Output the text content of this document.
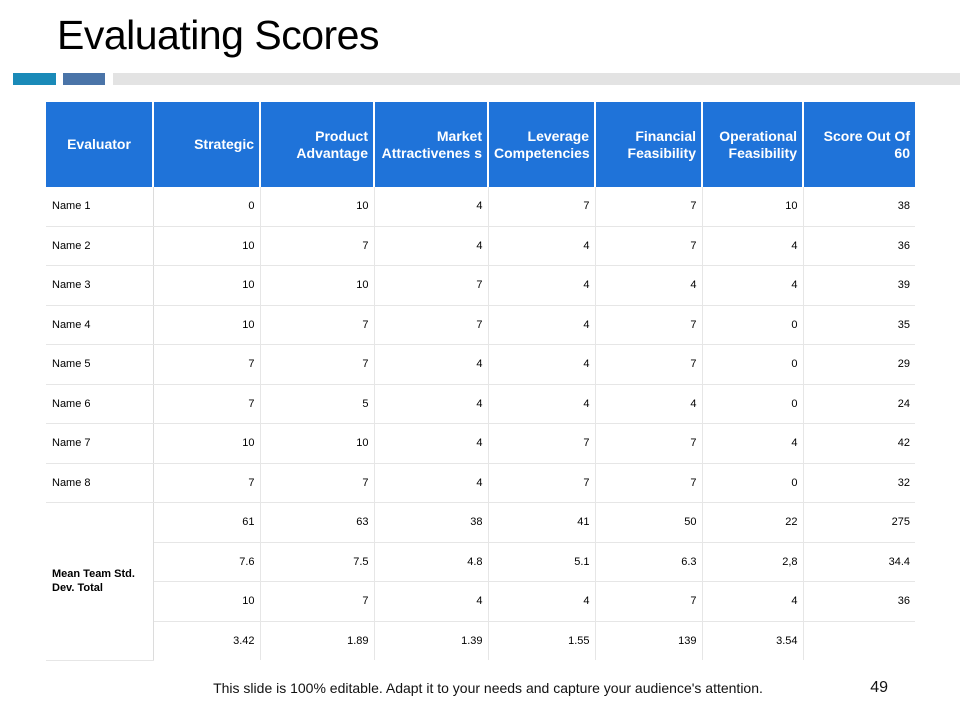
Evaluating Scores
Evaluator	Strategic	Product Advantage	Market Attractivenes s	Leverage Competencies	Financial Feasibility	Operational Feasibility	Score Out Of 60
Name 1	0	10	4	7	7	10	38
Name 2	10	7	4	4	7	4	36
Name 3	10	10	7	4	4	4	39
Name 4	10	7	7	4	7	0	35
Name 5	7	7	4	4	7	0	29
Name 6	7	5	4	4	4	0	24
Name 7	10	10	4	7	7	4	42
Name 8	7	7	4	7	7	0	32
Mean Team Std. Dev. Total	61	63	38	41	50	22	275
	7.6	7.5	4.8	5.1	6.3	2,8	34.4
	10	7	4	4	7	4	36
	3.42	1.89	1.39	1.55	139	3.54	
This slide is 100% editable. Adapt it to your needs and capture your audience's attention.	49
